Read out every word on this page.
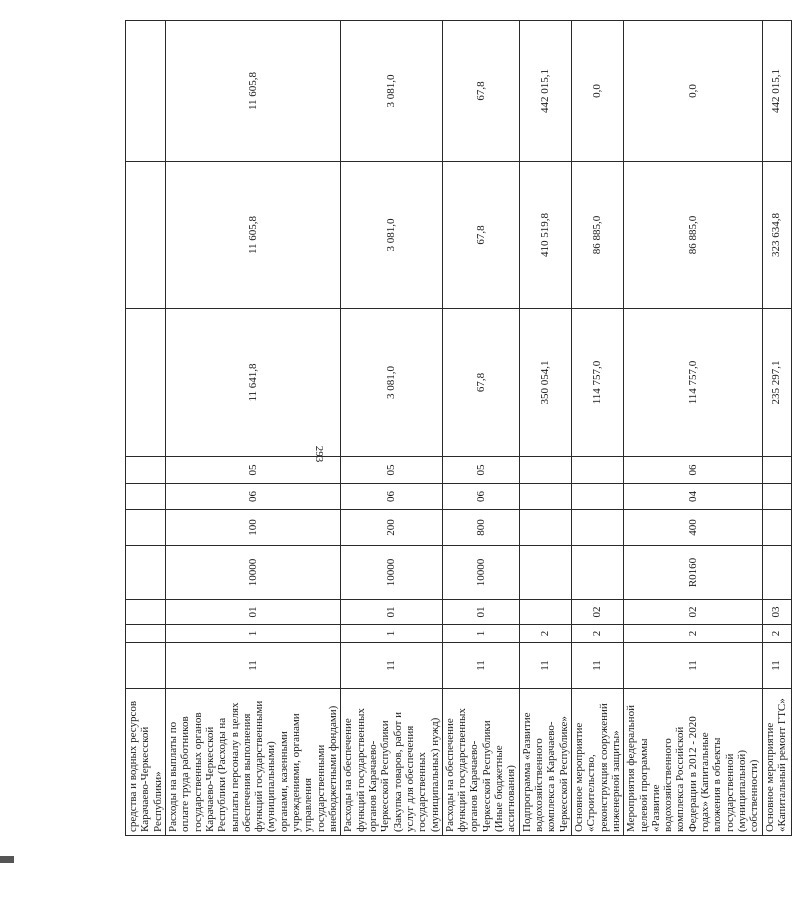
293
средства и водных ресурсов Карачаево-Черкесской Республики»										
Расходы на выплаты по оплате труда работников государственных органов Карачаево-Черкесской Республики (Расходы на выплаты персоналу в целях обеспечения выполнения функций государственными (муниципальными) органами, казенными учреждениями, органами управления государственными внебюджетными фондами)	11	1	01	10000	100	06	05	11 641,8	11 605,8	11 605,8
Расходы на обеспечение функций государственных органов Карачаево-Черкесской Республики (Закупка товаров, работ и услуг для обеспечения государственных (муниципальных) нужд)	11	1	01	10000	200	06	05	3 081,0	3 081,0	3 081,0
Расходы на обеспечение функций государственных органов Карачаево-Черкесской Республики (Иные бюджетные ассигнования)	11	1	01	10000	800	06	05	67,8	67,8	67,8
Подпрограмма «Развитие водохозяйственного комплекса в Карачаево-Черкесской Республике»	11	2						350 054,1	410 519,8	442 015,1
Основное мероприятие «Строительство, реконструкция сооружений инженерной защиты»	11	2	02					114 757,0	86 885,0	0,0
Мероприятия федеральной целевой программы «Развитие водохозяйственного комплекса Российской Федерации в 2012 - 2020 годах» (Капитальные вложения в объекты государственной (муниципальной) собственности)	11	2	02	R0160	400	04	06	114 757,0	86 885,0	0,0
Основное мероприятие «Капитальный ремонт ГТС»	11	2	03					235 297,1	323 634,8	442 015,1
